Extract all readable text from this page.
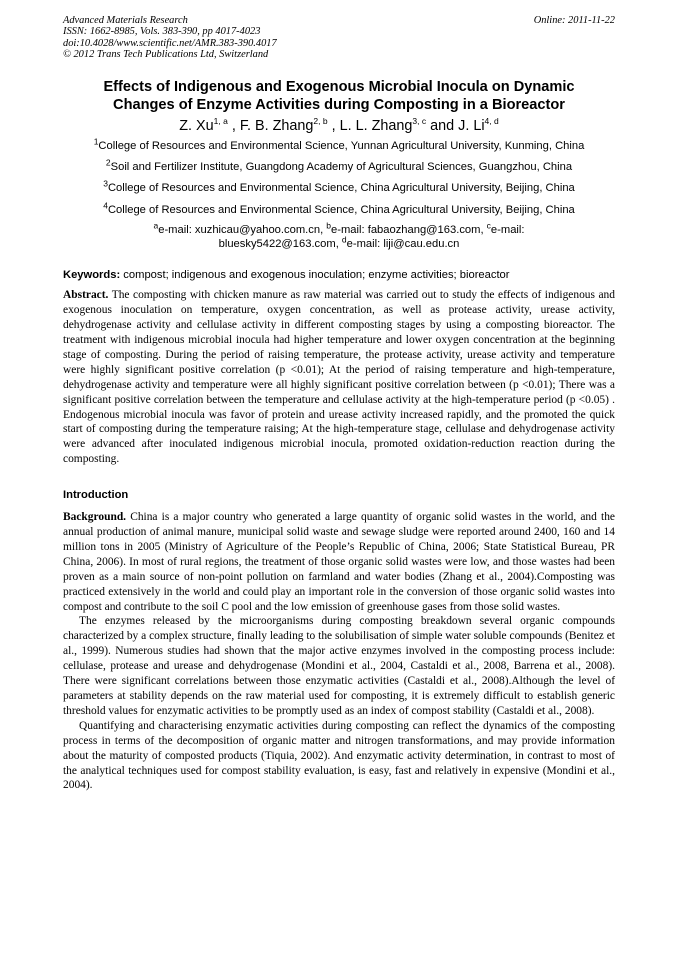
Advanced Materials Research
ISSN: 1662-8985, Vols. 383-390, pp 4017-4023
doi:10.4028/www.scientific.net/AMR.383-390.4017
© 2012 Trans Tech Publications Ltd, Switzerland
Online: 2011-11-22
Effects of Indigenous and Exogenous Microbial Inocula on Dynamic
Changes of Enzyme Activities during Composting in a Bioreactor
Z. Xu$^{1, a}$ , F. B. Zhang$^{2, b}$ , L. L. Zhang$^{3, c}$ and J. Li$^{4, d}$
$^1$College of Resources and Environmental Science, Yunnan Agricultural University, Kunming, China
$^2$Soil and Fertilizer Institute, Guangdong Academy of Agricultural Sciences, Guangzhou, China
$^3$College of Resources and Environmental Science, China Agricultural University, Beijing, China
$^4$College of Resources and Environmental Science, China Agricultural University, Beijing, China
$^a$e-mail: xuzhicau@yahoo.com.cn, $^b$e-mail: fabaozhang@163.com, $^c$e-mail:
bluesky5422@163.com, $^d$e-mail: liji@cau.edu.cn
Keywords: compost; indigenous and exogenous inoculation; enzyme activities; bioreactor
Abstract. The composting with chicken manure as raw material was carried out to study the effects of indigenous and exogenous inoculation on temperature, oxygen concentration, as well as protease activity, urease activity, dehydrogenase activity and cellulase activity in different composting stages by using a composting bioreactor. The treatment with indigenous microbial inocula had higher temperature and lower oxygen concentration at the beginning stage of composting. During the period of raising temperature, the protease activity, urease activity and temperature were highly significant positive correlation (p <0.01); At the period of raising temperature and high-temperature, dehydrogenase activity and temperature were all highly significant positive correlation between (p <0.01); There was a significant positive correlation between the temperature and cellulase activity at the high-temperature period (p <0.05) . Endogenous microbial inocula was favor of protein and urease activity increased rapidly, and the promoted the quick start of composting during the temperature raising; At the high-temperature stage, cellulase and dehydrogenase activity were advanced after inoculated indigenous microbial inocula, promoted oxidation-reduction reaction during the composting.
Introduction
Background. China is a major country who generated a large quantity of organic solid wastes in the world, and the annual production of animal manure, municipal solid waste and sewage sludge were reported around 2400, 160 and 14 million tons in 2005 (Ministry of Agriculture of the People’s Republic of China, 2006; State Statistical Bureau, PR China, 2006). In most of rural regions, the treatment of those organic solid wastes were low, and those wastes had been proven as a main source of non-point pollution on farmland and water bodies (Zhang et al., 2004).Composting was practiced extensively in the world and could play an important role in the conversion of those organic solid wastes into compost and contribute to the soil C pool and the low emission of greenhouse gases from those solid wastes.
The enzymes released by the microorganisms during composting breakdown several organic compounds characterized by a complex structure, finally leading to the solubilisation of simple water soluble compounds (Benitez et al., 1999). Numerous studies had shown that the major active enzymes involved in the composting process include: cellulase, protease and urease and dehydrogenase (Mondini et al., 2004, Castaldi et al., 2008, Barrena et al., 2008). There were significant correlations between those enzymatic activities (Castaldi et al., 2008).Although the level of parameters at stability depends on the raw material used for composting, it is extremely difficult to establish generic threshold values for enzymatic activities to be promptly used as an index of compost stability (Castaldi et al., 2008).
Quantifying and characterising enzymatic activities during composting can reflect the dynamics of the composting process in terms of the decomposition of organic matter and nitrogen transformations, and may provide information about the maturity of composted products (Tiquia, 2002). And enzymatic activity determination, in contrast to most of the analytical techniques used for compost stability evaluation, is easy, fast and relatively in expensive (Mondini et al., 2004).
